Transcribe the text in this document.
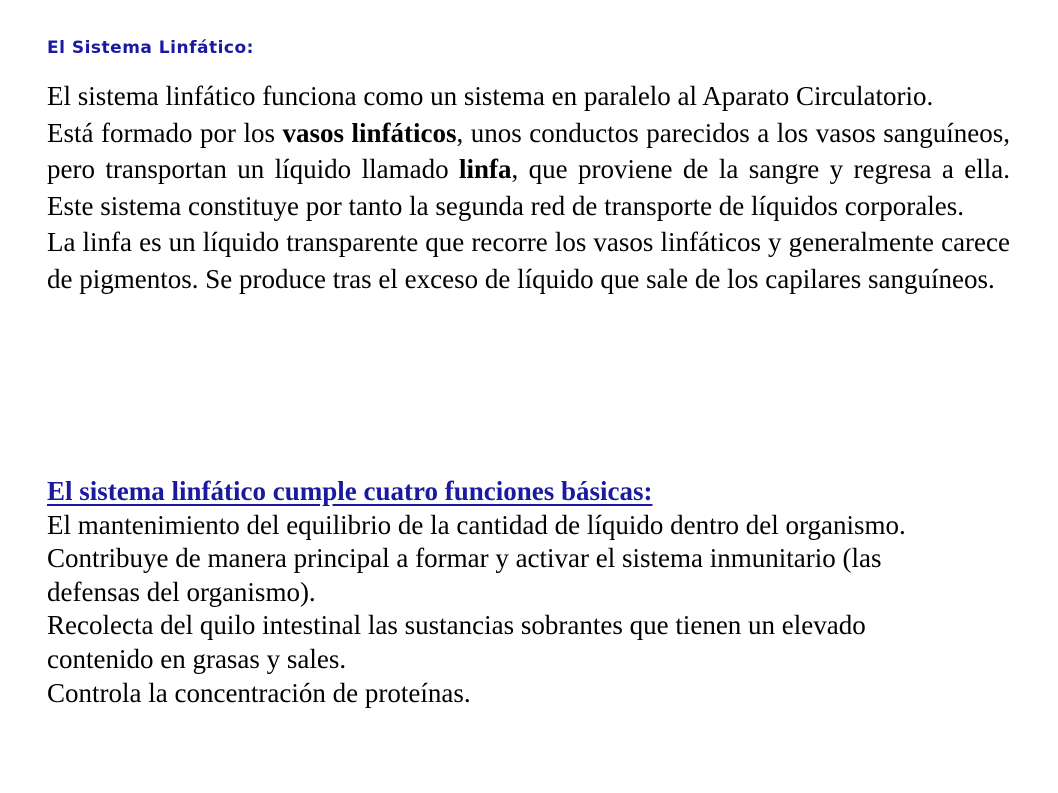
El Sistema Linfático:

El sistema linfático funciona como un sistema en paralelo al Aparato Circulatorio.

Está formado por los vasos linfáticos, unos conductos parecidos a los vasos sanguíneos, pero transportan un líquido llamado linfa, que proviene de la sangre y regresa a ella. Este sistema constituye por tanto la segunda red de transporte de líquidos corporales.

La linfa es un líquido transparente que recorre los vasos linfáticos y generalmente carece de pigmentos. Se produce tras el exceso de líquido que sale de los capilares sanguíneos.

El sistema linfático cumple cuatro funciones básicas:

El mantenimiento del equilibrio de la cantidad de líquido dentro del organismo.
Contribuye de manera principal a formar y activar el sistema inmunitario (las defensas del organismo).
Recolecta del quilo intestinal las sustancias sobrantes que tienen un elevado contenido en grasas y sales.
Controla la concentración de proteínas.
